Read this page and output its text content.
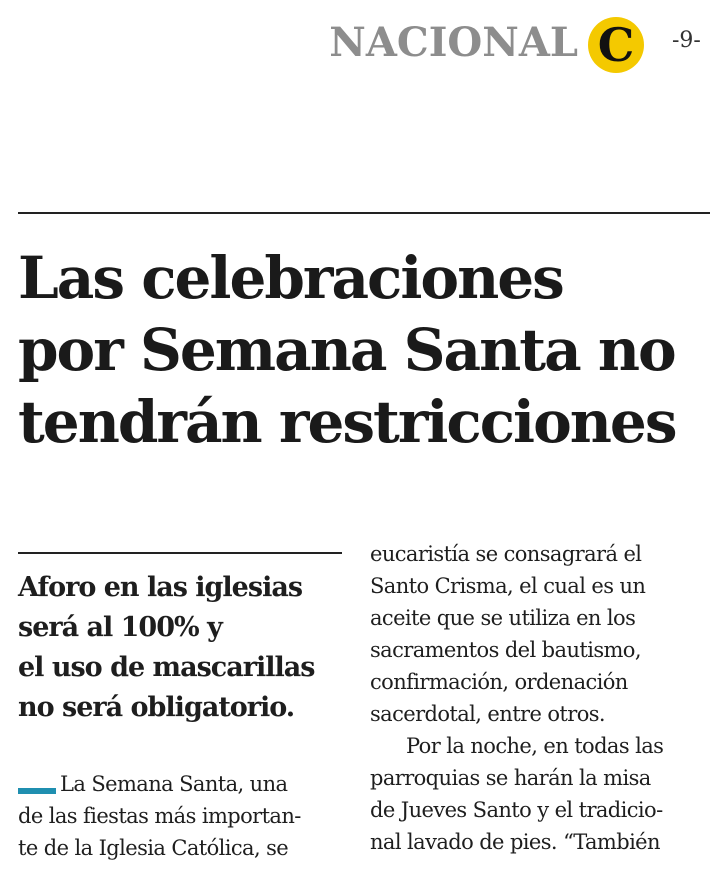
NACIONAL C -9-
Las celebraciones
por Semana Santa no
tendrán restricciones
Aforo en las iglesias
será al 100% y
el uso de mascarillas
no será obligatorio.

La Semana Santa, una
de las fiestas más importan-
te de la Iglesia Católica, se

eucaristía se consagrará el
Santo Crisma, el cual es un
aceite que se utiliza en los
sacramentos del bautismo,
confirmación, ordenación
sacerdotal, entre otros.

Por la noche, en todas las
parroquias se harán la misa
de Jueves Santo y el tradicio-
nal lavado de pies. “También
